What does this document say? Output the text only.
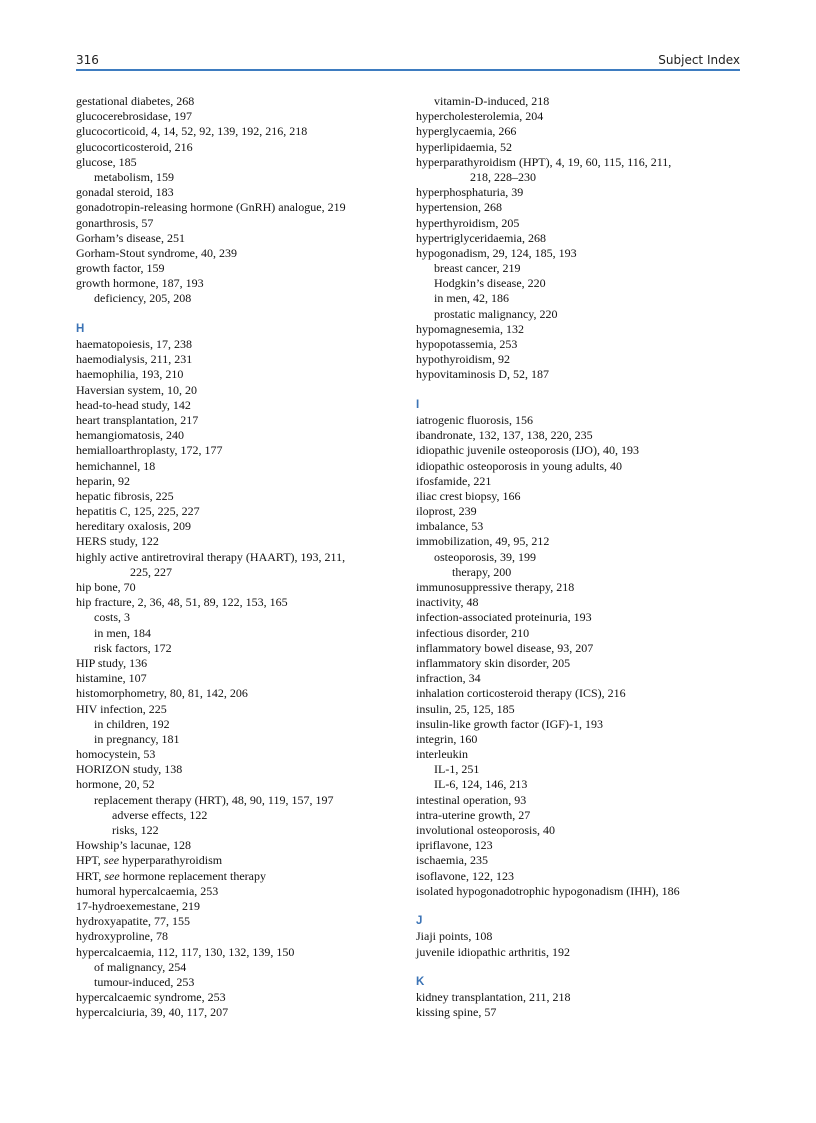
316	Subject Index
gestational diabetes, 268
glucocerebrosidase, 197
glucocorticoid, 4, 14, 52, 92, 139, 192, 216, 218
glucocorticosteroid, 216
glucose, 185
metabolism, 159
gonadal steroid, 183
gonadotropin-releasing hormone (GnRH) analogue, 219
gonarthrosis, 57
Gorham’s disease, 251
Gorham-Stout syndrome, 40, 239
growth factor, 159
growth hormone, 187, 193
deficiency, 205, 208
H
haematopoiesis, 17, 238
haemodialysis, 211, 231
haemophilia, 193, 210
Haversian system, 10, 20
head-to-head study, 142
heart transplantation, 217
hemangiomatosis, 240
hemialloarthroplasty, 172, 177
hemichannel, 18
heparin, 92
hepatic fibrosis, 225
hepatitis C, 125, 225, 227
hereditary oxalosis, 209
HERS study, 122
highly active antiretroviral therapy (HAART), 193, 211,
225, 227
hip bone, 70
hip fracture, 2, 36, 48, 51, 89, 122, 153, 165
costs, 3
in men, 184
risk factors, 172
HIP study, 136
histamine, 107
histomorphometry, 80, 81, 142, 206
HIV infection, 225
in children, 192
in pregnancy, 181
homocystein, 53
HORIZON study, 138
hormone, 20, 52
replacement therapy (HRT), 48, 90, 119, 157, 197
adverse effects, 122
risks, 122
Howship’s lacunae, 128
HPT, see hyperparathyroidism
HRT, see hormone replacement therapy
humoral hypercalcaemia, 253
17-hydroexemestane, 219
hydroxyapatite, 77, 155
hydroxyproline, 78
hypercalcaemia, 112, 117, 130, 132, 139, 150
of malignancy, 254
tumour-induced, 253
hypercalcaemic syndrome, 253
hypercalciuria, 39, 40, 117, 207
vitamin-D-induced, 218
hypercholesterolemia, 204
hyperglycaemia, 266
hyperlipidaemia, 52
hyperparathyroidism (HPT), 4, 19, 60, 115, 116, 211,
218, 228–230
hyperphosphaturia, 39
hypertension, 268
hyperthyroidism, 205
hypertriglyceridaemia, 268
hypogonadism, 29, 124, 185, 193
breast cancer, 219
Hodgkin’s disease, 220
in men, 42, 186
prostatic malignancy, 220
hypomagnesemia, 132
hypopotassemia, 253
hypothyroidism, 92
hypovitaminosis D, 52, 187
I
iatrogenic fluorosis, 156
ibandronate, 132, 137, 138, 220, 235
idiopathic juvenile osteoporosis (IJO), 40, 193
idiopathic osteoporosis in young adults, 40
ifosfamide, 221
iliac crest biopsy, 166
iloprost, 239
imbalance, 53
immobilization, 49, 95, 212
osteoporosis, 39, 199
therapy, 200
immunosuppressive therapy, 218
inactivity, 48
infection-associated proteinuria, 193
infectious disorder, 210
inflammatory bowel disease, 93, 207
inflammatory skin disorder, 205
infraction, 34
inhalation corticosteroid therapy (ICS), 216
insulin, 25, 125, 185
insulin-like growth factor (IGF)-1, 193
integrin, 160
interleukin
IL-1, 251
IL-6, 124, 146, 213
intestinal operation, 93
intra-uterine growth, 27
involutional osteoporosis, 40
ipriflavone, 123
ischaemia, 235
isoflavone, 122, 123
isolated hypogonadotrophic hypogonadism (IHH), 186
J
Jiaji points, 108
juvenile idiopathic arthritis, 192
K
kidney transplantation, 211, 218
kissing spine, 57
